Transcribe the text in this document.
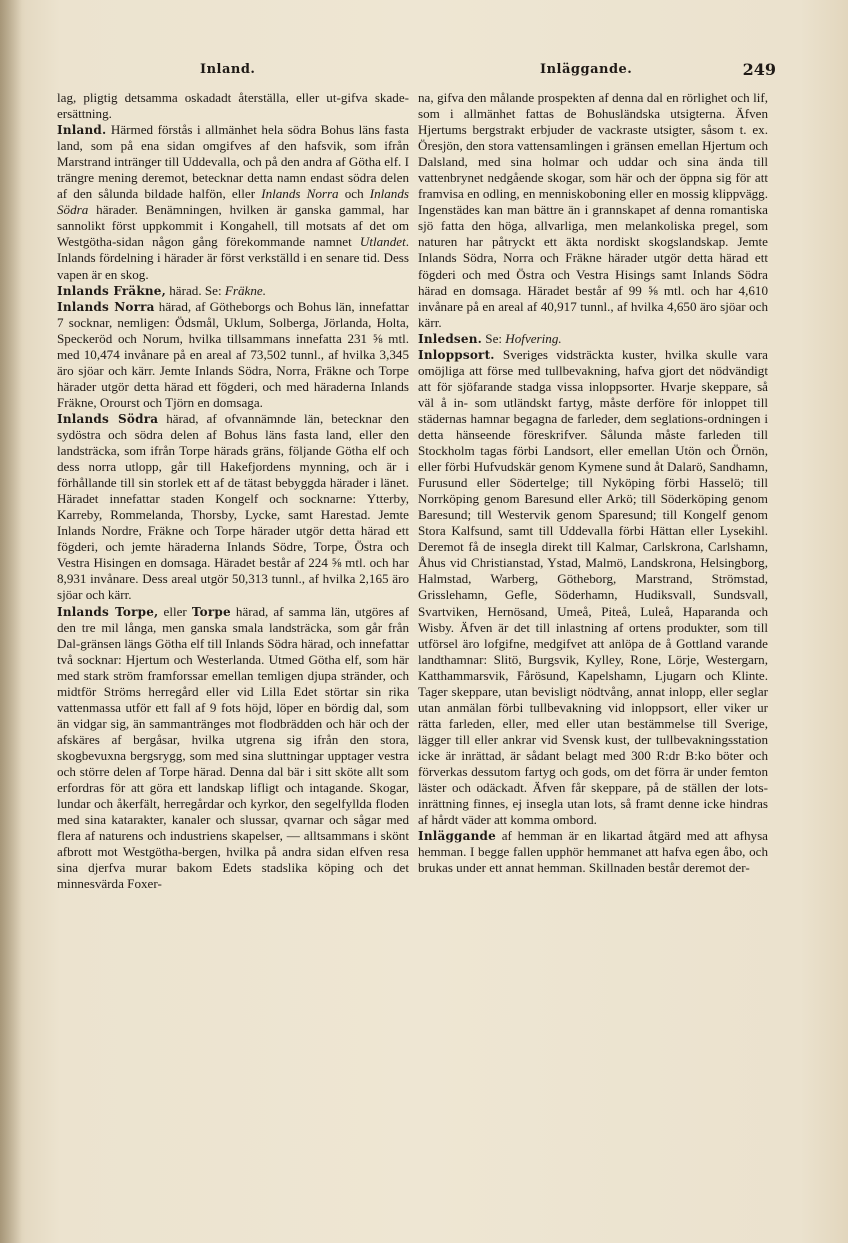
Inland.	Inläggande.	249

lag, pligtig detsamma oskadadt återställa, eller ut-gifva skade-ersättning.

Inland. Härmed förstås i allmänhet hela södra Bohus läns fasta land, som på ena sidan omgifves af den hafsvik, som ifrån Marstrand intränger till Uddevalla, och på den andra af Götha elf. I trängre mening deremot, betecknar detta namn endast södra delen af den sålunda bildade halfön, eller Inlands Norra och Inlands Södra härader. Benämningen, hvilken är ganska gammal, har sannolikt först uppkommit i Kongahell, till motsats af det om Westgötha-sidan någon gång förekommande namnet Utlandet. Inlands fördelning i härader är först verkställd i en senare tid. Dess vapen är en skog.

Inlands Fräkne, härad. Se: Fräkne.

Inlands Norra härad, af Götheborgs och Bohus län, innefattar 7 socknar, nemligen: Ödsmål, Uklum, Solberga, Jörlanda, Holta, Speckeröd och Norum, hvilka tillsammans innefatta 231 ⅝ mtl. med 10,474 invånare på en areal af 73,502 tunnl., af hvilka 3,345 äro sjöar och kärr. Jemte Inlands Södra, Norra, Fräkne och Torpe härader utgör detta härad ett fögderi, och med häraderna Inlands Fräkne, Orourst och Tjörn en domsaga.

Inlands Södra härad, af ofvannämnde län, betecknar den sydöstra och södra delen af Bohus läns fasta land, eller den landsträcka, som ifrån Torpe härads gräns, följande Götha elf och dess norra utlopp, går till Hakefjordens mynning, och är i förhållande till sin storlek ett af de tätast bebyggda härader i länet. Häradet innefattar staden Kongelf och socknarne: Ytterby, Karreby, Rommelanda, Thorsby, Lycke, samt Harestad. Jemte Inlands Nordre, Fräkne och Torpe härader utgör detta härad ett fögderi, och jemte häraderna Inlands Södre, Torpe, Östra och Vestra Hisingen en domsaga. Häradet består af 224 ⅝ mtl. och har 8,931 invånare. Dess areal utgör 50,313 tunnl., af hvilka 2,165 äro sjöar och kärr.

Inlands Torpe, eller Torpe härad, af samma län, utgöres af den tre mil långa, men ganska smala landsträcka, som går från Dal-gränsen längs Götha elf till Inlands Södra härad, och innefattar två socknar: Hjertum och Westerlanda. Utmed Götha elf, som här med stark ström framforssar emellan temligen djupa stränder, och midtför Ströms herregård eller vid Lilla Edet störtar sin rika vattenmassa utför ett fall af 9 fots höjd, löper en bördig dal, som än vidgar sig, än sammantränges mot flodbrädden och här och der afskäres af bergåsar, hvilka utgrena sig ifrån den stora, skogbevuxna bergsrygg, som med sina sluttningar upptager vestra och större delen af Torpe härad. Denna dal bär i sitt sköte allt som erfordras för att göra ett landskap lifligt och intagande. Skogar, lundar och åkerfält, herregårdar och kyrkor, den segelfyllda floden med sina katarakter, kanaler och slussar, qvarnar och sågar med flera af naturens och industriens skapelser, — alltsammans i skönt afbrott mot Westgötha-bergen, hvilka på andra sidan elfven resa sina djerfva murar bakom Edets stadslika köping och det minnesvärda Foxer-

na, gifva den målande prospekten af denna dal en rörlighet och lif, som i allmänhet fattas de Bohusländska utsigterna. Äfven Hjertums bergstrakt erbjuder de vackraste utsigter, såsom t. ex. Öresjön, den stora vattensamlingen i gränsen emellan Hjertum och Dalsland, med sina holmar och uddar och sina ända till vattenbrynet nedgående skogar, som här och der öppna sig för att framvisa en odling, en menniskoboning eller en mossig klippvägg. Ingenstädes kan man bättre än i grannskapet af denna romantiska sjö fatta den höga, allvarliga, men melankoliska pregel, som naturen har påtryckt ett äkta nordiskt skogslandskap. Jemte Inlands Södra, Norra och Fräkne härader utgör detta härad ett fögderi och med Östra och Vestra Hisings samt Inlands Södra härad en domsaga. Häradet består af 99 ⅝ mtl. och har 4,610 invånare på en areal af 40,917 tunnl., af hvilka 4,650 äro sjöar och kärr.

Inledsen. Se: Hofvering.

Inloppsort. Sveriges vidsträckta kuster, hvilka skulle vara omöjliga att förse med tullbevakning, hafva gjort det nödvändigt att för sjöfarande stadga vissa inloppsorter. Hvarje skeppare, så väl å in- som utländskt fartyg, måste derföre för inloppet till städernas hamnar begagna de farleder, dem seglations-ordningen i detta hänseende föreskrifver. Sålunda måste farleden till Stockholm tagas förbi Landsort, eller emellan Utön och Örnön, eller förbi Hufvudskär genom Kymene sund åt Dalarö, Sandhamn, Furusund eller Södertelge; till Nyköping förbi Hasselö; till Norrköping genom Baresund eller Arkö; till Söderköping genom Baresund; till Westervik genom Sparesund; till Kongelf genom Stora Kalfsund, samt till Uddevalla förbi Hättan eller Lysekihl. Deremot få de insegla direkt till Kalmar, Carlskrona, Carlshamn, Åhus vid Christianstad, Ystad, Malmö, Landskrona, Helsingborg, Halmstad, Warberg, Götheborg, Marstrand, Strömstad, Grisslehamn, Gefle, Söderhamn, Hudiksvall, Sundsvall, Svartviken, Hernösand, Umeå, Piteå, Luleå, Haparanda och Wisby. Äfven är det till inlastning af ortens produkter, som till utförsel äro lofgifne, medgifvet att anlöpa de å Gottland varande landthamnar: Slitö, Burgsvik, Kylley, Rone, Lörje, Westergarn, Katthammarsvik, Fårösund, Kapelshamn, Ljugarn och Klinte. Tager skeppare, utan bevisligt nödtvång, annat inlopp, eller seglar utan anmälan förbi tullbevakning vid inloppsort, eller viker ur rätta farleden, eller, med eller utan bestämmelse till Sverige, lägger till eller ankrar vid Svensk kust, der tullbevakningsstation icke är inrättad, är sådant belagt med 300 R:dr B:ko böter och förverkas dessutom fartyg och gods, om det förra är under femton läster och odäckadt. Äfven får skeppare, på de ställen der lots-inrättning finnes, ej insegla utan lots, så framt denne icke hindras af hårdt väder att komma ombord.

Inläggande af hemman är en likartad åtgärd med att afhysa hemman. I begge fallen upphör hemmanet att hafva egen åbo, och brukas under ett annat hemman. Skillnaden består deremot der-
